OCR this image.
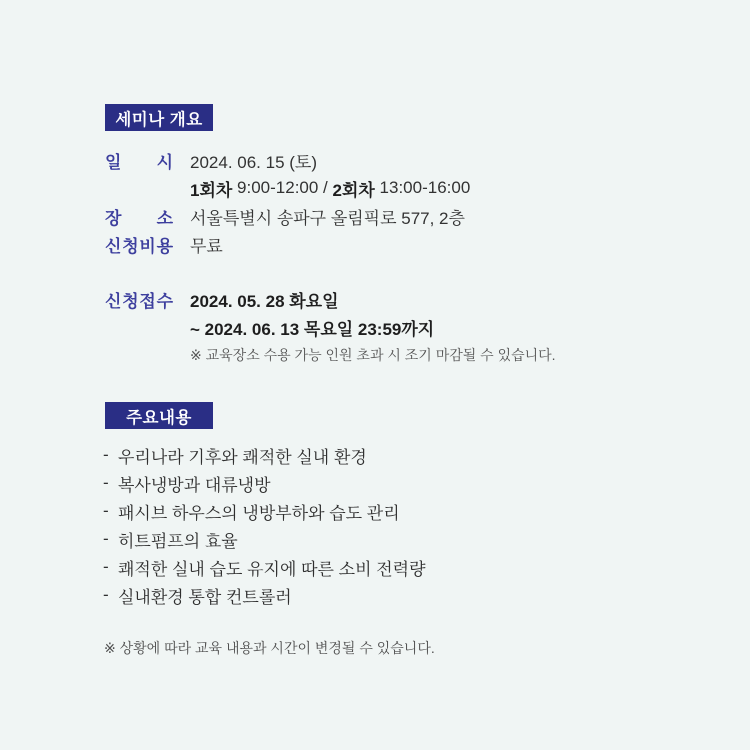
세미나 개요
일 시 2024. 06. 15 (토)
1회차 9:00-12:00 / 2회차 13:00-16:00
장 소 서울특별시 송파구 올림픽로 577, 2층
신 청 비 용 무료
신 청 접 수 2024. 05. 28 화요일
~ 2024. 06. 13 목요일 23:59까지
※ 교육장소 수용 가능 인원 초과 시 조기 마감될 수 있습니다.
주요내용
- 우리나라 기후와 쾌적한 실내 환경
- 복사냉방과 대류냉방
- 패시브 하우스의 냉방부하와 습도 관리
- 히트펌프의 효율
- 쾌적한 실내 습도 유지에 따른 소비 전력량
- 실내환경 통합 컨트롤러
※ 상황에 따라 교육 내용과 시간이 변경될 수 있습니다.
